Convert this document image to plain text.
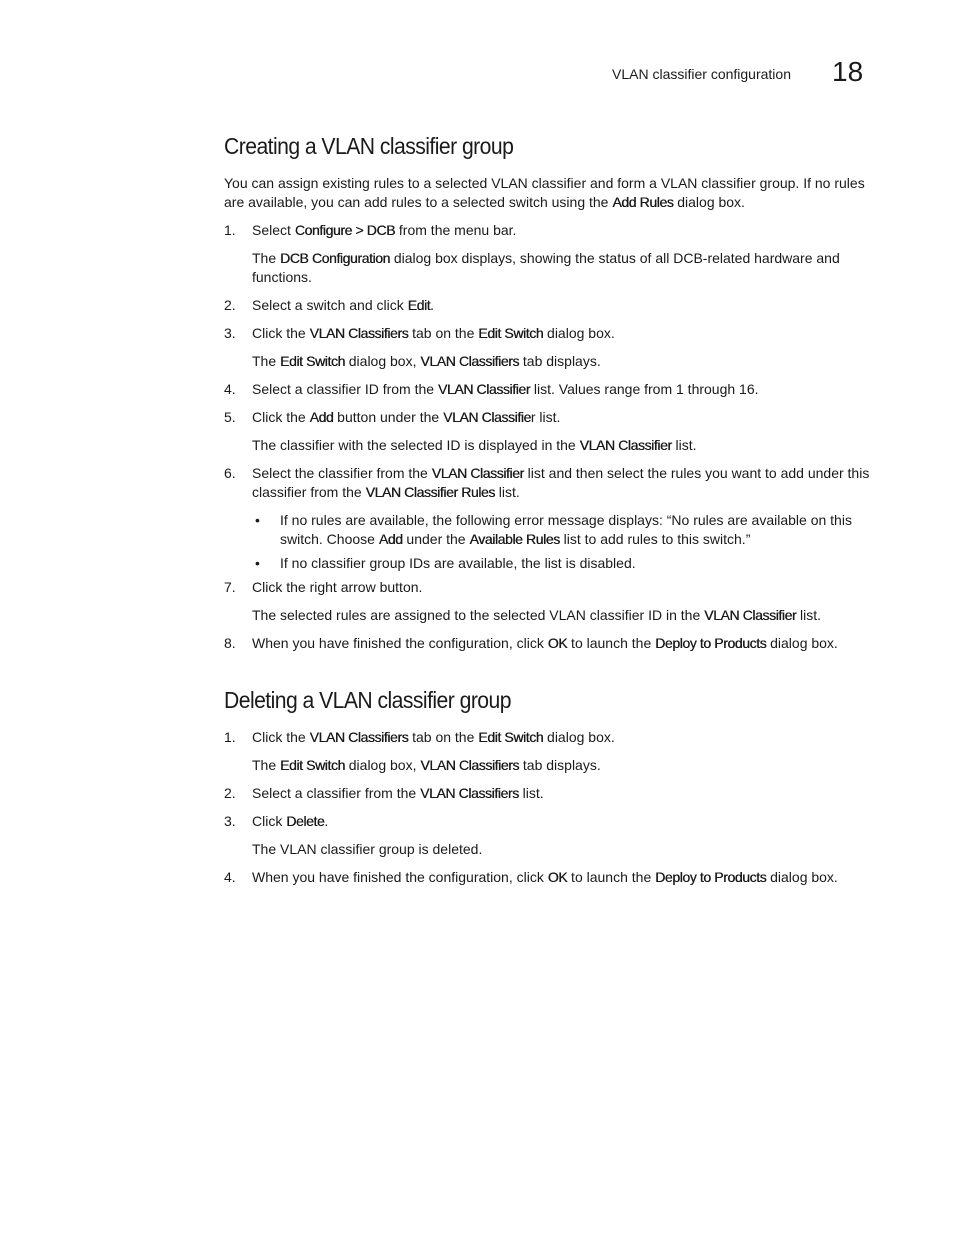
VLAN classifier configuration 18
Creating a VLAN classifier group

You can assign existing rules to a selected VLAN classifier and form a VLAN classifier group. If no rules are available, you can add rules to a selected switch using the Add Rules dialog box.

1. Select Configure > DCB from the menu bar.
The DCB Configuration dialog box displays, showing the status of all DCB-related hardware and functions.
2. Select a switch and click Edit.
3. Click the VLAN Classifiers tab on the Edit Switch dialog box.
The Edit Switch dialog box, VLAN Classifiers tab displays.
4. Select a classifier ID from the VLAN Classifier list. Values range from 1 through 16.
5. Click the Add button under the VLAN Classifier list.
The classifier with the selected ID is displayed in the VLAN Classifier list.
6. Select the classifier from the VLAN Classifier list and then select the rules you want to add under this classifier from the VLAN Classifier Rules list.
• If no rules are available, the following error message displays: “No rules are available on this switch. Choose Add under the Available Rules list to add rules to this switch.”
• If no classifier group IDs are available, the list is disabled.
7. Click the right arrow button.
The selected rules are assigned to the selected VLAN classifier ID in the VLAN Classifier list.
8. When you have finished the configuration, click OK to launch the Deploy to Products dialog box.
Deleting a VLAN classifier group
1. Click the VLAN Classifiers tab on the Edit Switch dialog box.
The Edit Switch dialog box, VLAN Classifiers tab displays.
2. Select a classifier from the VLAN Classifiers list.
3. Click Delete.
The VLAN classifier group is deleted.
4. When you have finished the configuration, click OK to launch the Deploy to Products dialog box.
